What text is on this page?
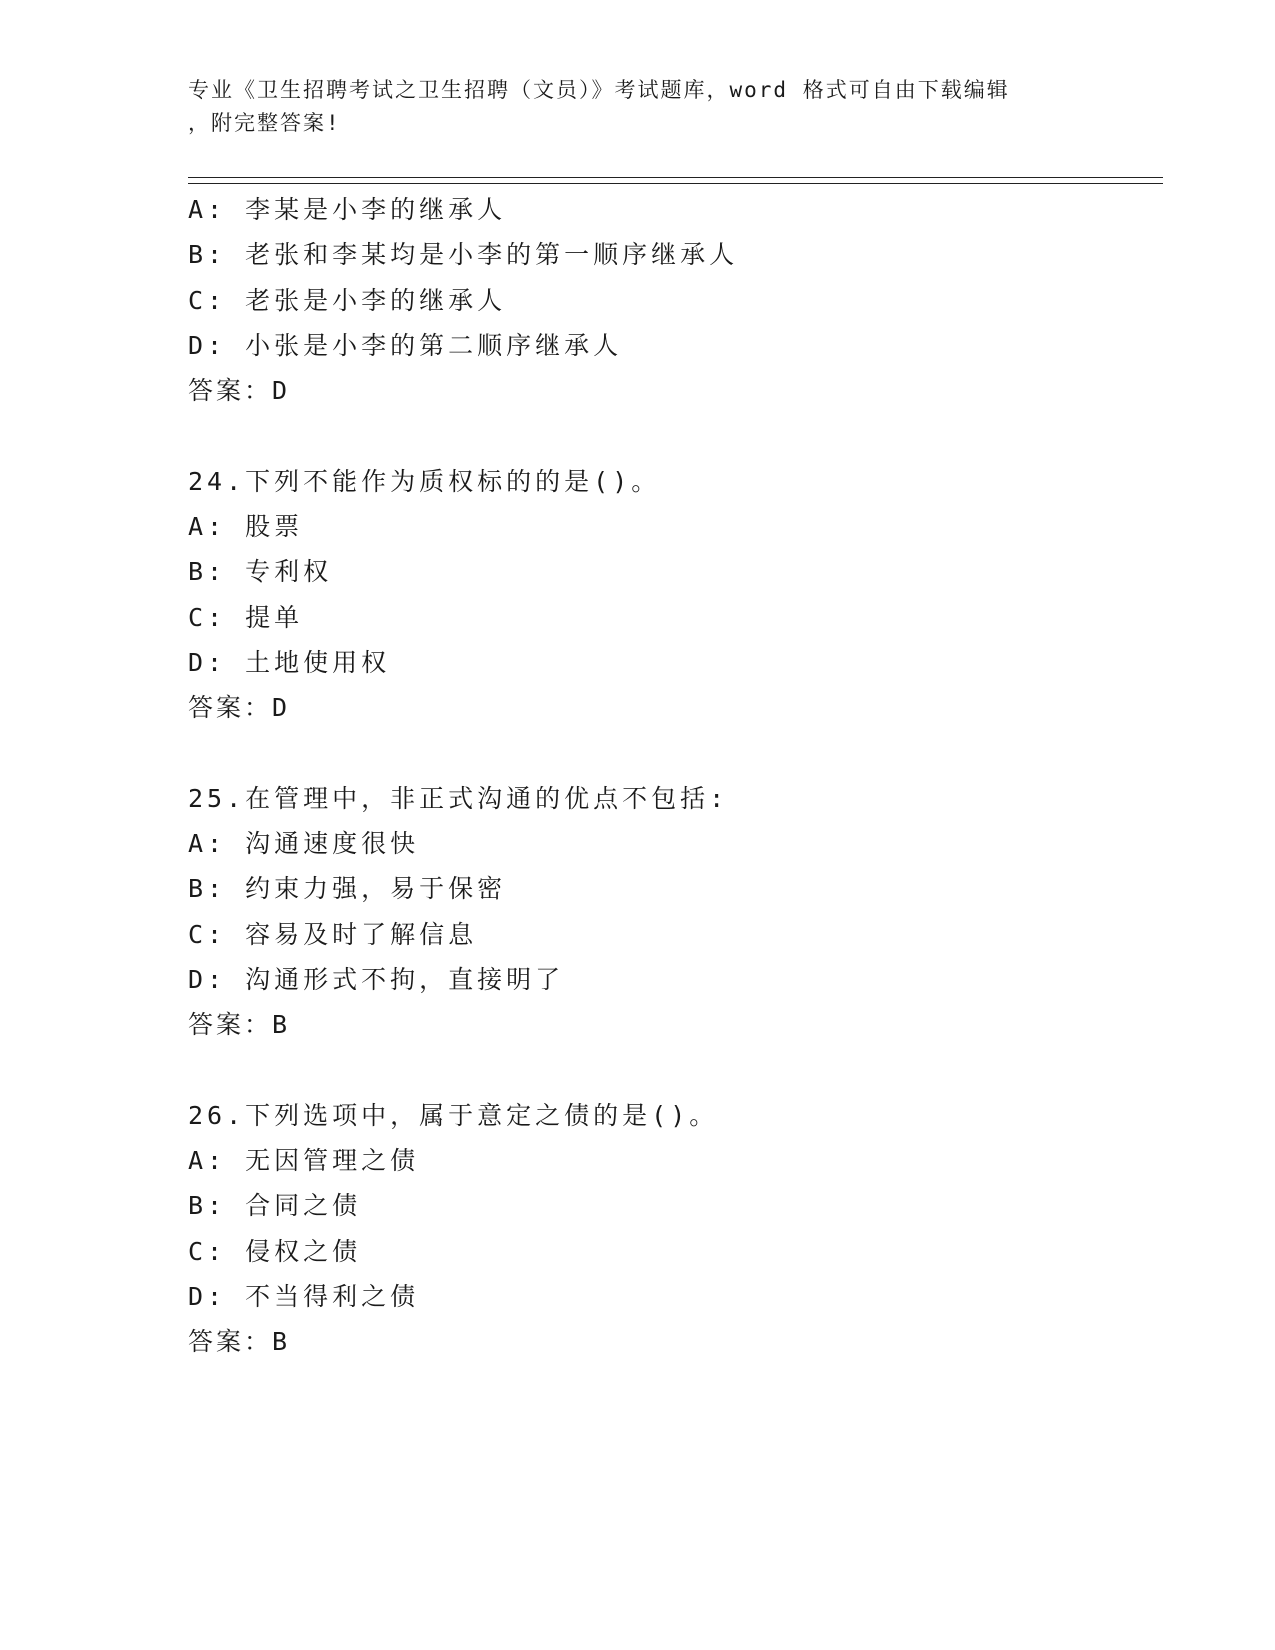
专业《卫生招聘考试之卫生招聘（文员）》考试题库，word 格式可自由下载编辑
，附完整答案!
A: 李某是小李的继承人
B: 老张和李某均是小李的第一顺序继承人
C: 老张是小李的继承人
D: 小张是小李的第二顺序继承人
答案：D
24.下列不能作为质权标的的是()。
A: 股票
B: 专利权
C: 提单
D: 土地使用权
答案：D
25.在管理中，非正式沟通的优点不包括:
A: 沟通速度很快
B: 约束力强，易于保密
C: 容易及时了解信息
D: 沟通形式不拘，直接明了
答案：B
26.下列选项中，属于意定之债的是()。
A: 无因管理之债
B: 合同之债
C: 侵权之债
D: 不当得利之债
答案：B
